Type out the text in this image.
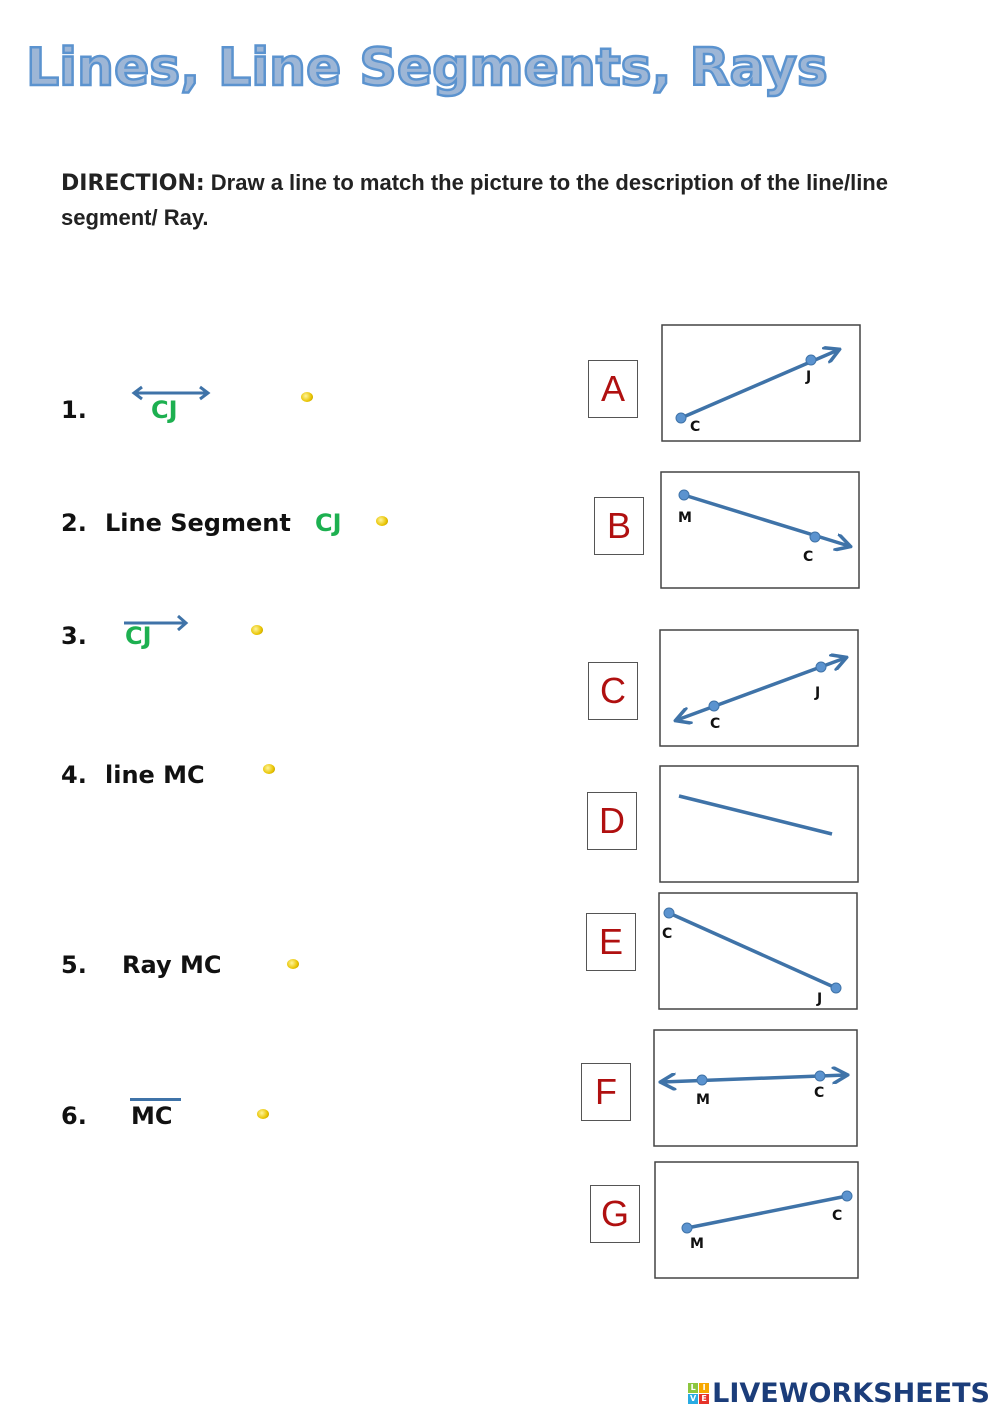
Lines, Line Segments, Rays
DIRECTION: Draw a line to match the picture to the description of the line/line segment/ Ray.
1.	CJ
2. Line Segment CJ
3. CJ
4. line MC
5. Ray MC
6. MC
A
B
C
D
E
F
G
C
J
M
C
C
J
C
J
M	C
M
C
L I
V E LIVEWORKSHEETS
